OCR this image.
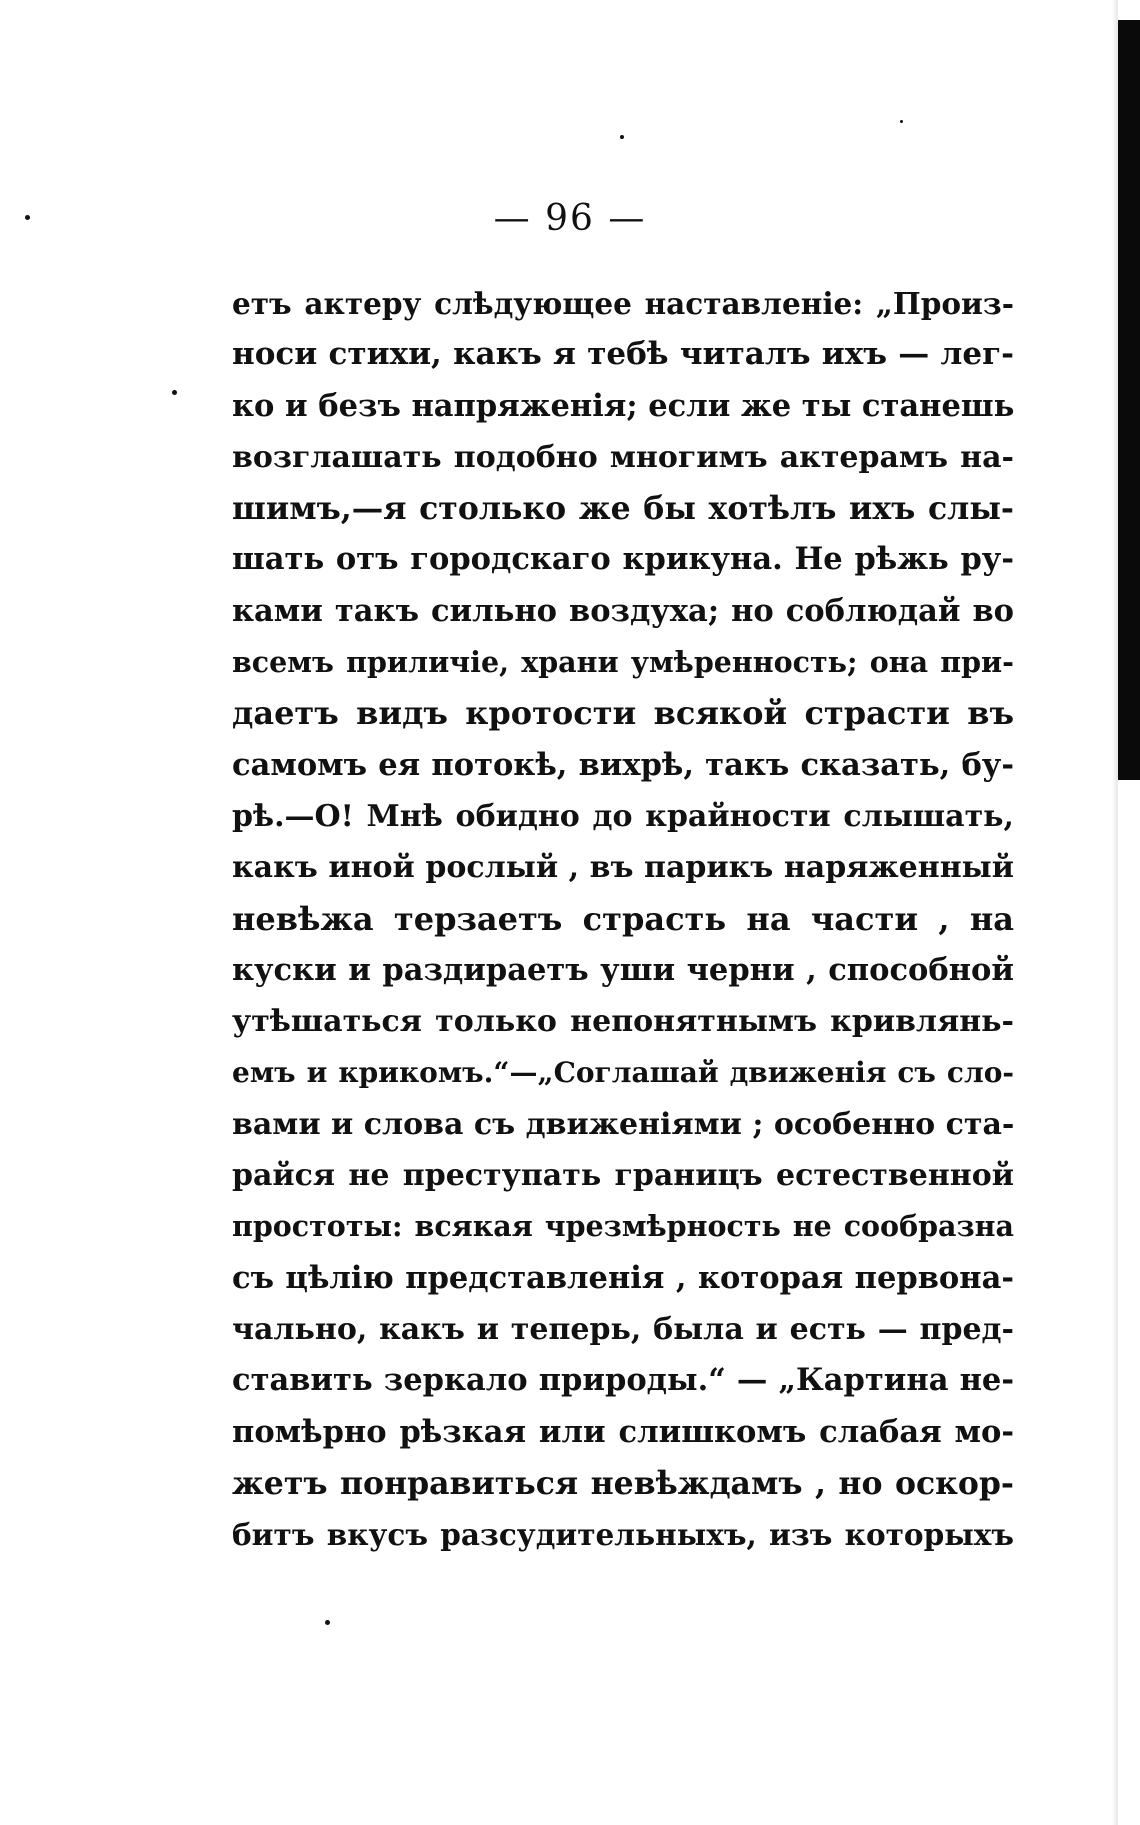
— 96 —
етъ актеру слѣдующее наставленіе: „Произ-
носи стихи, какъ я тебѣ читалъ ихъ — лег-
ко и безъ напряженія; если же ты станешь
возглашать подобно многимъ актерамъ на-
шимъ,—я столько же бы хотѣлъ ихъ слы-
шать отъ городскаго крикуна. Не рѣжь ру-
ками такъ сильно воздуха; но соблюдай во
всемъ приличіе, храни умѣренность; она при-
даетъ видъ кротости всякой страсти въ
самомъ ея потокѣ, вихрѣ, такъ сказать, бу-
рѣ.—О! Мнѣ обидно до крайности слышать,
какъ иной рослый , въ парикъ наряженный
невѣжа терзаетъ страсть на части , на
куски и раздираетъ уши черни , способной
утѣшаться только непонятнымъ кривлянь-
емъ и крикомъ.“—„Соглашай движенія съ сло-
вами и слова съ движеніями ; особенно ста-
райся не преступать границъ естественной
простоты: всякая чрезмѣрность не сообразна
съ цѣлію представленія , которая первона-
чально, какъ и теперь, была и есть — пред-
ставить зеркало природы.“ — „Картина не-
помѣрно рѣзкая или слишкомъ слабая мо-
жетъ понравиться невѣждамъ , но оскор-
битъ вкусъ разсудительныхъ, изъ которыхъ
